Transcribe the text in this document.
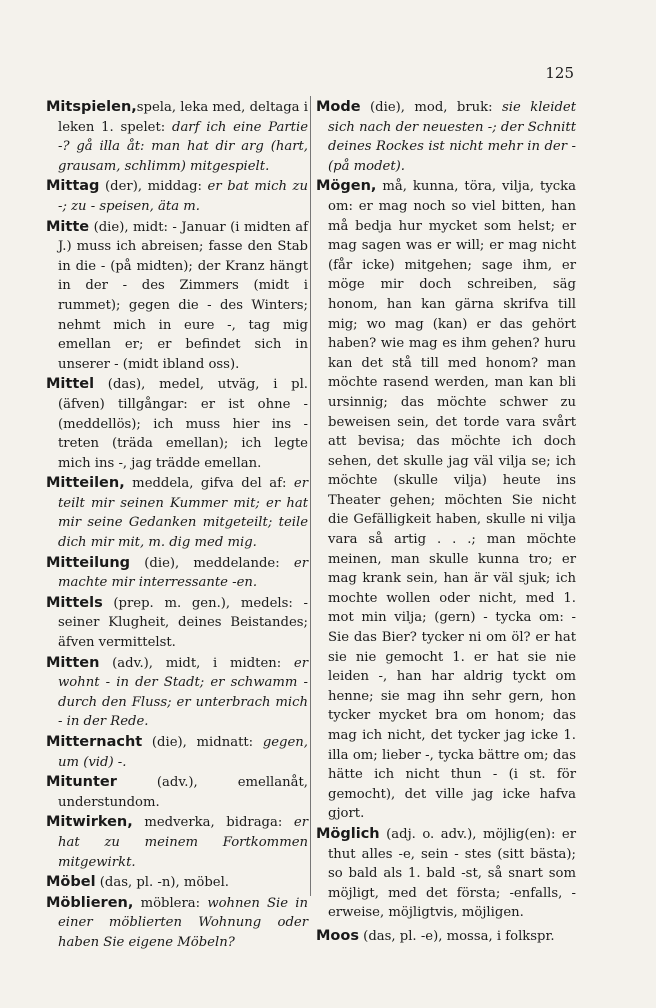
125

Mitspielen,spela, leka med, deltaga i leken 1. spelet: darf ich eine Partie -? gå illa åt: man hat dir arg (hart, grausam, schlimm) mitgespielt.

Mittag (der), middag: er bat mich zu -; zu - speisen, äta m.

Mitte (die), midt: - Januar (i midten af J.) muss ich abreisen; fasse den Stab in die - (på midten); der Kranz hängt in der - des Zimmers (midt i rummet); gegen die - des Winters; nehmt mich in eure -, tag mig emellan er; er befindet sich in unserer - (midt ibland oss).

Mittel (das), medel, utväg, i pl. (äfven) tillgångar: er ist ohne - (meddellös); ich muss hier ins - treten (träda emellan); ich legte mich ins -, jag trädde emellan.

Mitteilen, meddela, gifva del af: er teilt mir seinen Kummer mit; er hat mir seine Gedanken mitgeteilt; teile dich mir mit, m. dig med mig.

Mitteilung (die), meddelande: er machte mir interressante -en.

Mittels (prep. m. gen.), medels: - seiner Klugheit, deines Beistandes; äfven vermittelst.

Mitten (adv.), midt, i midten: er wohnt - in der Stadt; er schwamm - durch den Fluss; er unterbrach mich - in der Rede.

Mitternacht (die), midnatt: gegen, um (vid) -.

Mitunter (adv.), emellanåt, understundom.

Mitwirken, medverka, bidraga: er hat zu meinem Fortkommen mitgewirkt.

Möbel (das, pl. -n), möbel.

Möblieren, möblera: wohnen Sie in einer möblierten Wohnung oder haben Sie eigene Möbeln?

Mode (die), mod, bruk: sie kleidet sich nach der neuesten -; der Schnitt deines Rockes ist nicht mehr in der - (på modet).

Mögen, må, kunna, töra, vilja, tycka om: er mag noch so viel bitten, han må bedja hur mycket som helst; er mag sagen was er will; er mag nicht (får icke) mitgehen; sage ihm, er möge mir doch schreiben, säg honom, han kan gärna skrifva till mig; wo mag (kan) er das gehört haben? wie mag es ihm gehen? huru kan det stå till med honom? man möchte rasend werden, man kan bli ursinnig; das möchte schwer zu beweisen sein, det torde vara svårt att bevisa; das möchte ich doch sehen, det skulle jag väl vilja se; ich möchte (skulle vilja) heute ins Theater gehen; möchten Sie nicht die Gefälligkeit haben, skulle ni vilja vara så artig . . .; man möchte meinen, man skulle kunna tro; er mag krank sein, han är väl sjuk; ich mochte wollen oder nicht, med 1. mot min vilja; (gern) - tycka om: - Sie das Bier? tycker ni om öl? er hat sie nie gemocht 1. er hat sie nie leiden -, han har aldrig tyckt om henne; sie mag ihn sehr gern, hon tycker mycket bra om honom; das mag ich nicht, det tycker jag icke 1. illa om; lieber -, tycka bättre om; das hätte ich nicht thun - (i st. för gemocht), det ville jag icke hafva gjort.

Möglich (adj. o. adv.), möjlig(en): er thut alles -e, sein - stes (sitt bästa); so bald als 1. bald -st, så snart som möjligt, med det första; -enfalls, -erweise, möjligtvis, möjligen.

Moos (das, pl. -e), mossa, i folkspr.
